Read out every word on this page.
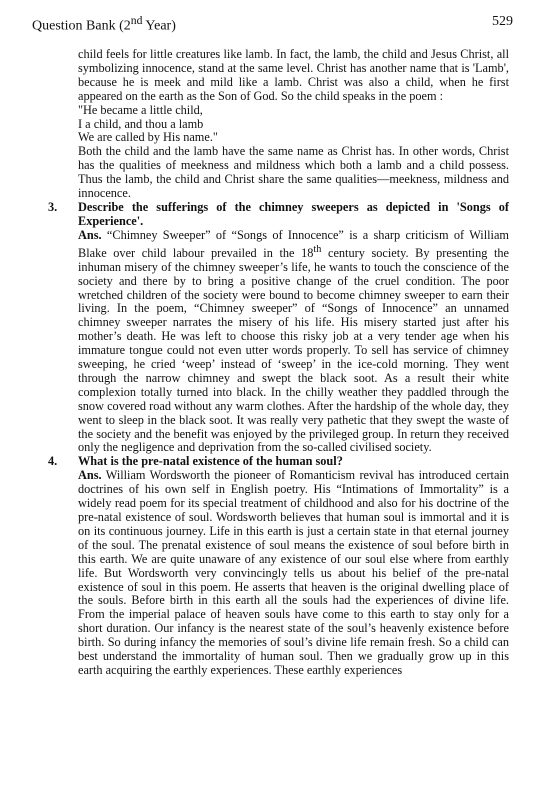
Question Bank (2nd Year)	529

child feels for little creatures like lamb. In fact, the lamb, the child and Jesus Christ, all symbolizing innocence, stand at the same level. Christ has another name that is 'Lamb', because he is meek and mild like a lamb. Christ was also a child, when he first appeared on the earth as the Son of God. So the child speaks in the poem :

"He became a little child,

I a child, and thou a lamb

We are called by His name."

Both the child and the lamb have the same name as Christ has. In other words, Christ has the qualities of meekness and mildness which both a lamb and a child possess. Thus the lamb, the child and Christ share the same qualities—meekness, mildness and innocence.

3. Describe the sufferings of the chimney sweepers as depicted in 'Songs of Experience'.

Ans. “Chimney Sweeper” of “Songs of Innocence” is a sharp criticism of William Blake over child labour prevailed in the 18th century society. By presenting the inhuman misery of the chimney sweeper’s life, he wants to touch the conscience of the society and there by to bring a positive change of the cruel condition. The poor wretched children of the society were bound to become chimney sweeper to earn their living. In the poem, “Chimney sweeper” of “Songs of Innocence” an unnamed chimney sweeper narrates the misery of his life. His misery started just after his mother’s death. He was left to choose this risky job at a very tender age when his immature tongue could not even utter words properly. To sell has service of chimney sweeping, he cried ‘weep’ instead of ‘sweep’ in the ice-cold morning. They went through the narrow chimney and swept the black soot. As a result their white complexion totally turned into black. In the chilly weather they paddled through the snow covered road without any warm clothes. After the hardship of the whole day, they went to sleep in the black soot. It was really very pathetic that they swept the waste of the society and the benefit was enjoyed by the privileged group. In return they received only the negligence and deprivation from the so-called civilised society.

4. What is the pre-natal existence of the human soul?

Ans. William Wordsworth the pioneer of Romanticism revival has introduced certain doctrines of his own self in English poetry. His “Intimations of Immortality” is a widely read poem for its special treatment of childhood and also for his doctrine of the pre-natal existence of soul. Wordsworth believes that human soul is immortal and it is on its continuous journey. Life in this earth is just a certain state in that eternal journey of the soul. The prenatal existence of soul means the existence of soul before birth in this earth. We are quite unaware of any existence of our soul else where from earthly life. But Wordsworth very convincingly tells us about his belief of the pre-natal existence of soul in this poem. He asserts that heaven is the original dwelling place of the souls. Before birth in this earth all the souls had the experiences of divine life. From the imperial palace of heaven souls have come to this earth to stay only for a short duration. Our infancy is the nearest state of the soul’s heavenly existence before birth. So during infancy the memories of soul’s divine life remain fresh. So a child can best understand the immortality of human soul. Then we gradually grow up in this earth acquiring the earthly experiences. These earthly experiences
